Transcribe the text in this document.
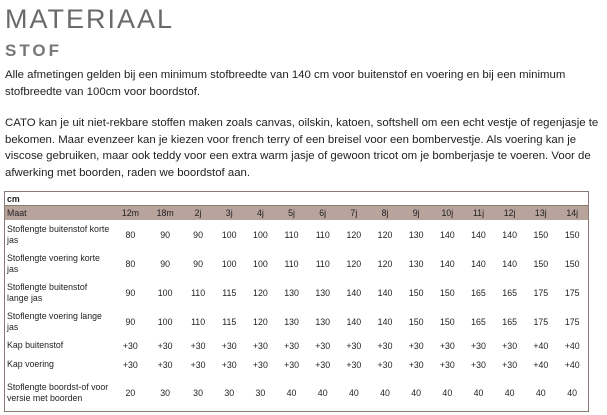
MATERIAAL
STOF
Alle afmetingen gelden bij een minimum stofbreedte van 140 cm voor buitenstof en voering en bij een minimum stofbreedte van 100cm voor boordstof.
CATO kan je uit niet-rekbare stoffen maken zoals canvas, oilskin, katoen, softshell om een echt vestje of regenjasje te bekomen. Maar evenzeer kan je kiezen voor french terry of een breisel voor een bombervestje. Als voering kan je viscose gebruiken, maar ook teddy voor een extra warm jasje of gewoon tricot om je bomberjasje te voeren. Voor de afwerking met boorden, raden we boordstof aan.
cm															
Maat	12m	18m	2j	3j	4j	5j	6j	7j	8j	9j	10j	11j	12j	13j	14j
Stoflengte buitenstof korte jas	80	90	90	100	100	110	110	120	120	130	140	140	140	150	150
Stoflengte voering korte jas	80	90	90	100	100	110	110	120	120	130	140	140	140	150	150
Stoflengte buitenstof lange jas	90	100	110	115	120	130	130	140	140	150	150	165	165	175	175
Stoflengte voering lange jas	90	100	110	115	120	130	130	140	140	150	150	165	165	175	175
Kap buitenstof	+30	+30	+30	+30	+30	+30	+30	+30	+30	+30	+30	+30	+30	+40	+40
Kap voering	+30	+30	+30	+30	+30	+30	+30	+30	+30	+30	+30	+30	+30	+40	+40
Stoflengte boordst-of voor versie met boorden	20	30	30	30	30	40	40	40	40	40	40	40	40	40	40
